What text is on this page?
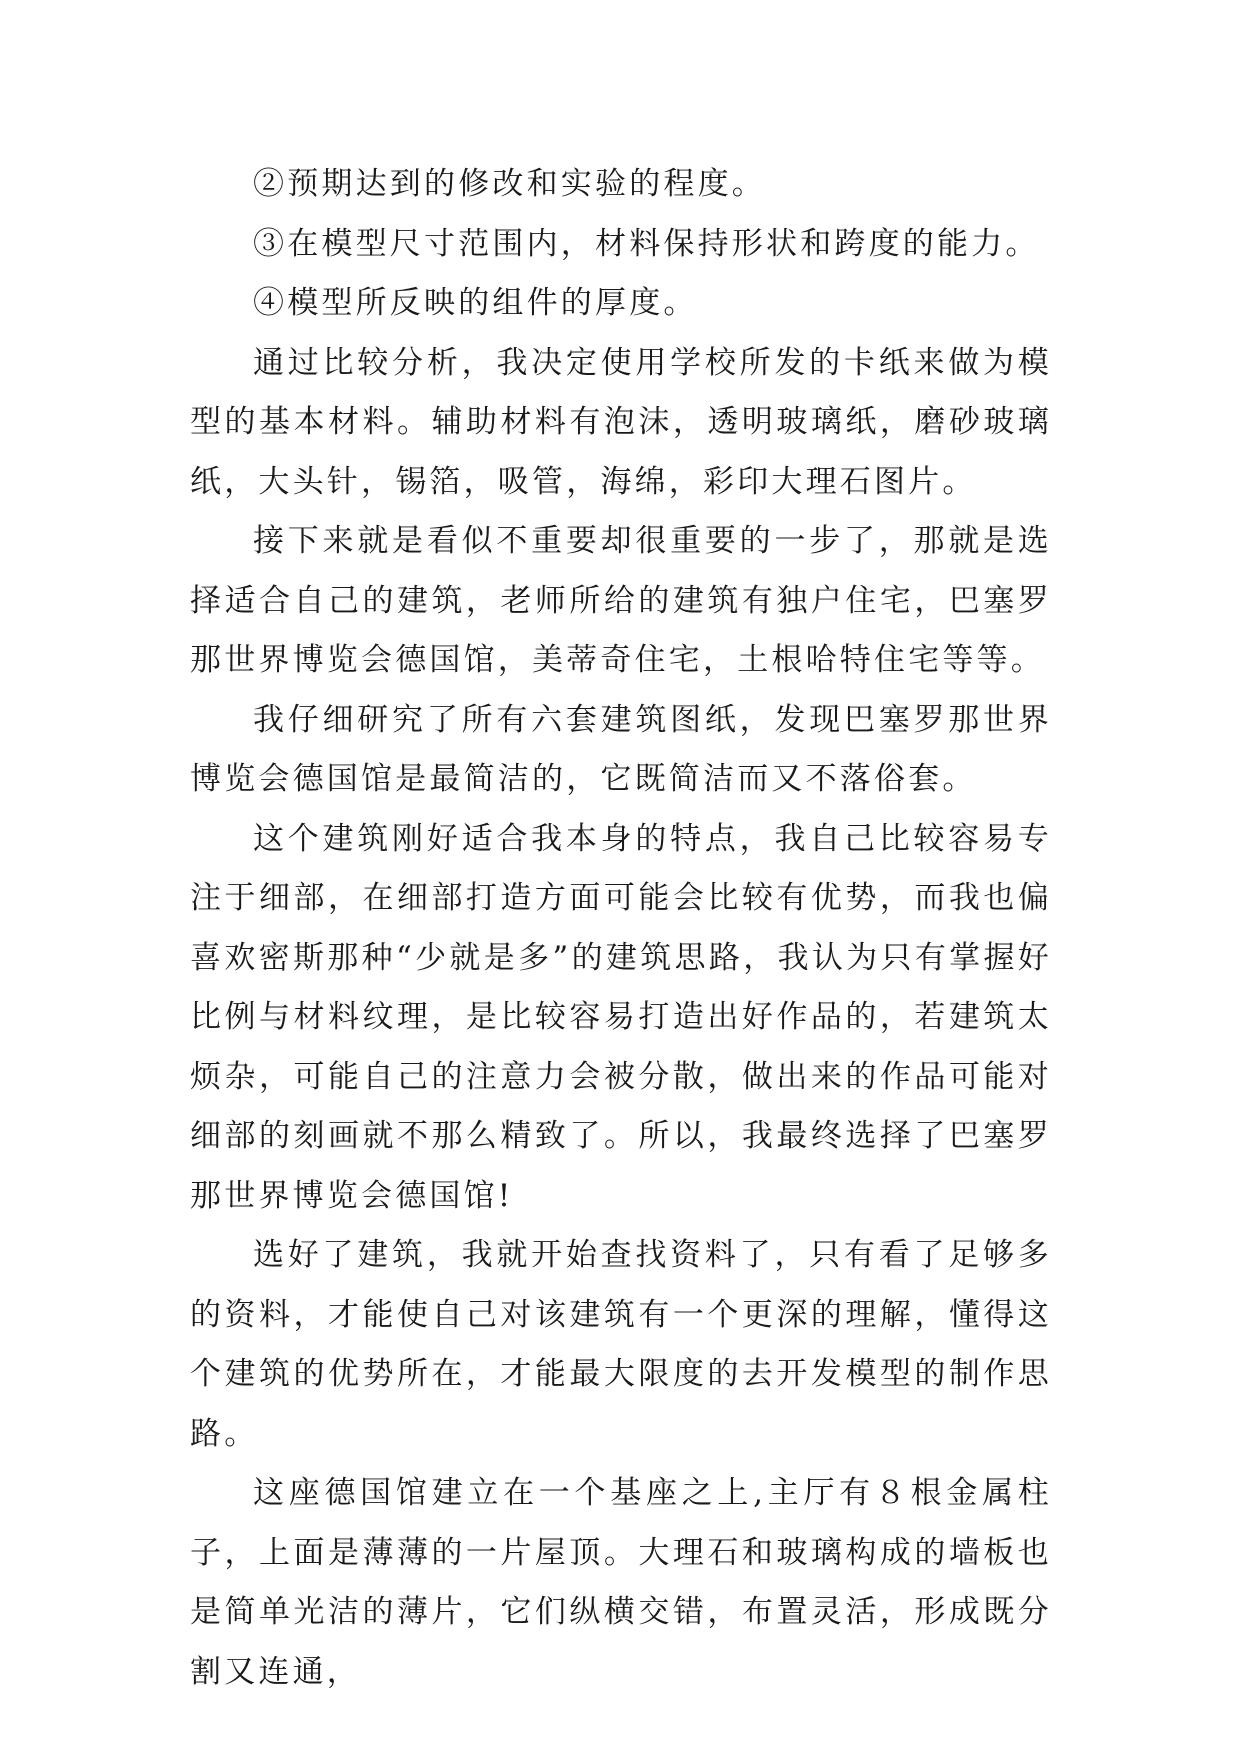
②预期达到的修改和实验的程度。

③在模型尺寸范围内，材料保持形状和跨度的能力。

④模型所反映的组件的厚度。

通过比较分析，我决定使用学校所发的卡纸来做为模型的基本材料。辅助材料有泡沫，透明玻璃纸，磨砂玻璃纸，大头针，锡箔，吸管，海绵，彩印大理石图片。

接下来就是看似不重要却很重要的一步了，那就是选择适合自己的建筑，老师所给的建筑有独户住宅，巴塞罗那世界博览会德国馆，美蒂奇住宅，土根哈特住宅等等。

我仔细研究了所有六套建筑图纸，发现巴塞罗那世界博览会德国馆是最简洁的，它既简洁而又不落俗套。

这个建筑刚好适合我本身的特点，我自己比较容易专注于细部，在细部打造方面可能会比较有优势，而我也偏喜欢密斯那种“少就是多”的建筑思路，我认为只有掌握好比例与材料纹理，是比较容易打造出好作品的，若建筑太烦杂，可能自己的注意力会被分散，做出来的作品可能对细部的刻画就不那么精致了。所以，我最终选择了巴塞罗那世界博览会德国馆!

选好了建筑，我就开始查找资料了，只有看了足够多的资料，才能使自己对该建筑有一个更深的理解，懂得这个建筑的优势所在，才能最大限度的去开发模型的制作思路。

这座德国馆建立在一个基座之上,主厅有８根金属柱子，上面是薄薄的一片屋顶。大理石和玻璃构成的墙板也是简单光洁的薄片，它们纵横交错，布置灵活，形成既分割又连通，
